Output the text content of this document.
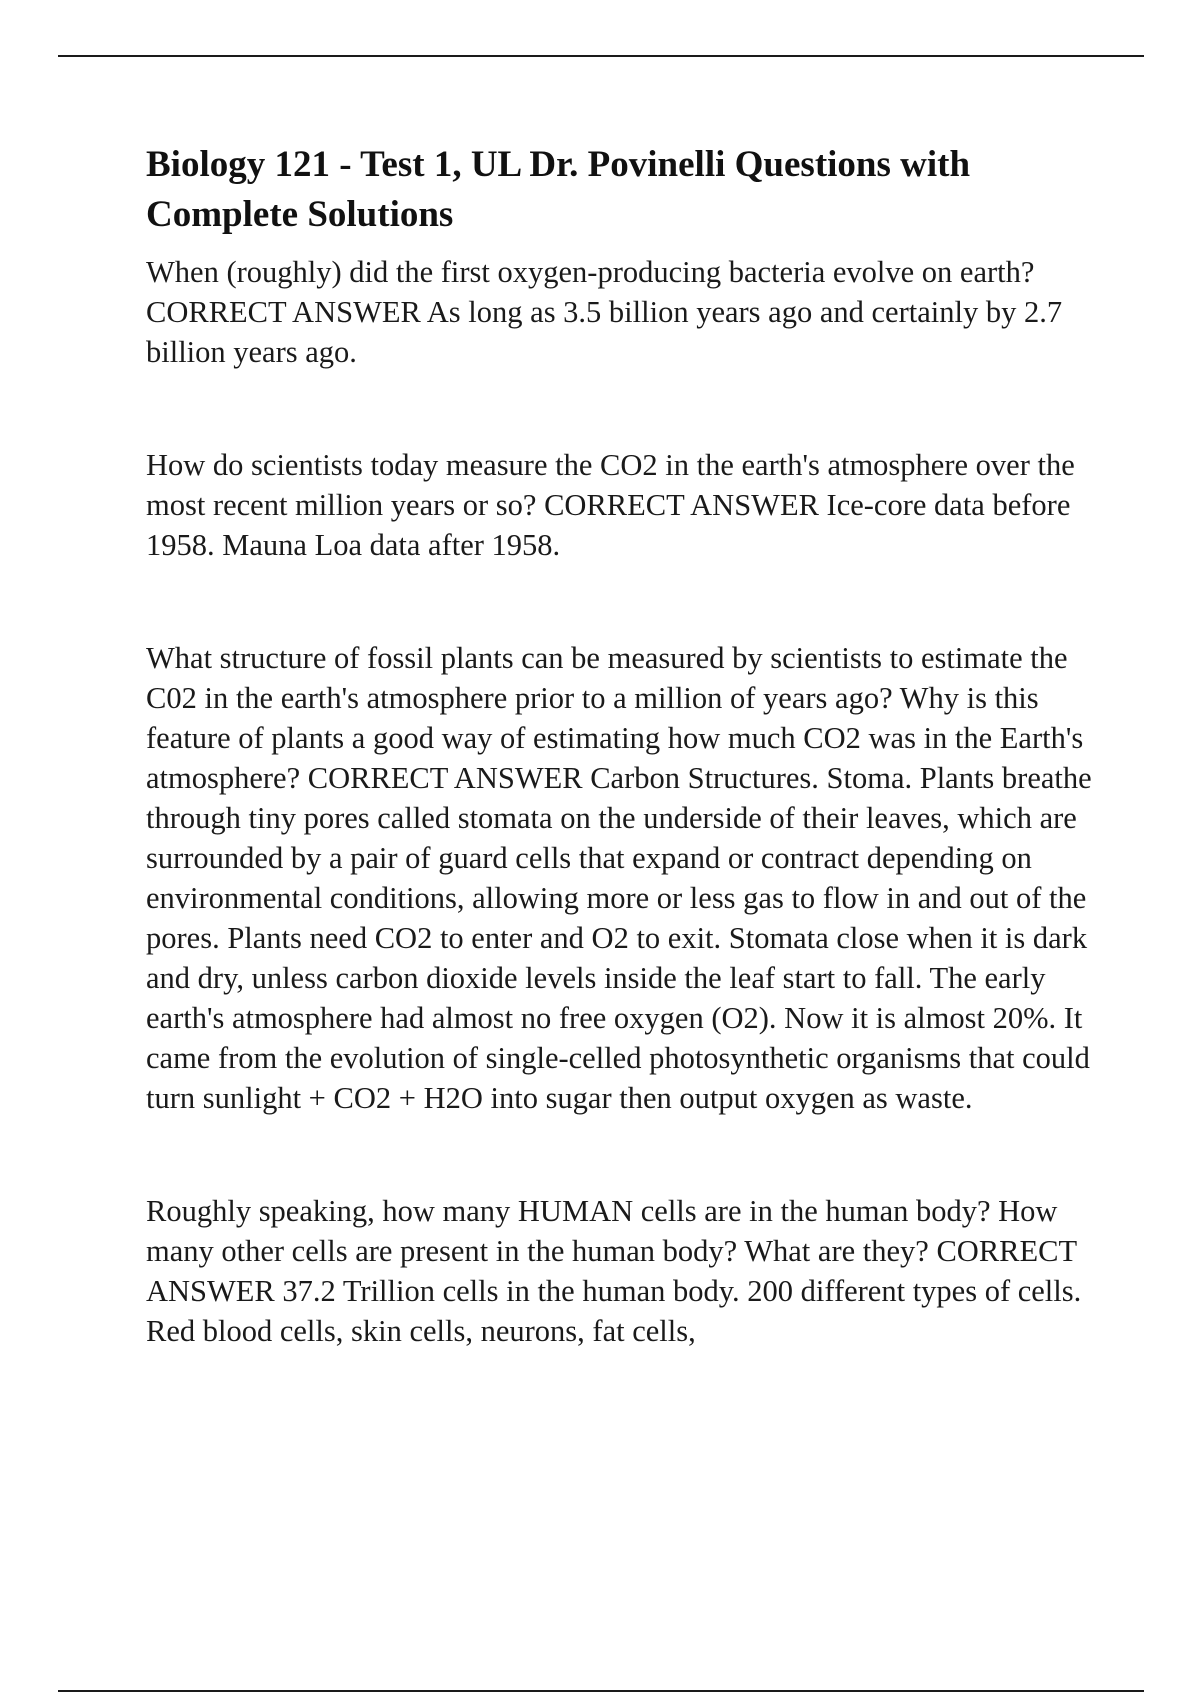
Biology 121 - Test 1, UL Dr. Povinelli Questions with Complete Solutions

When (roughly) did the first oxygen-producing bacteria evolve on earth? CORRECT ANSWER As long as 3.5 billion years ago and certainly by 2.7 billion years ago.

How do scientists today measure the CO2 in the earth's atmosphere over the most recent million years or so? CORRECT ANSWER Ice-core data before 1958. Mauna Loa data after 1958.

What structure of fossil plants can be measured by scientists to estimate the C02 in the earth's atmosphere prior to a million of years ago? Why is this feature of plants a good way of estimating how much CO2 was in the Earth's atmosphere? CORRECT ANSWER Carbon Structures. Stoma. Plants breathe through tiny pores called stomata on the underside of their leaves, which are surrounded by a pair of guard cells that expand or contract depending on environmental conditions, allowing more or less gas to flow in and out of the pores. Plants need CO2 to enter and O2 to exit. Stomata close when it is dark and dry, unless carbon dioxide levels inside the leaf start to fall. The early earth's atmosphere had almost no free oxygen (O2). Now it is almost 20%. It came from the evolution of single-celled photosynthetic organisms that could turn sunlight + CO2 + H2O into sugar then output oxygen as waste.

Roughly speaking, how many HUMAN cells are in the human body? How many other cells are present in the human body? What are they? CORRECT ANSWER 37.2 Trillion cells in the human body. 200 different types of cells. Red blood cells, skin cells, neurons, fat cells,
